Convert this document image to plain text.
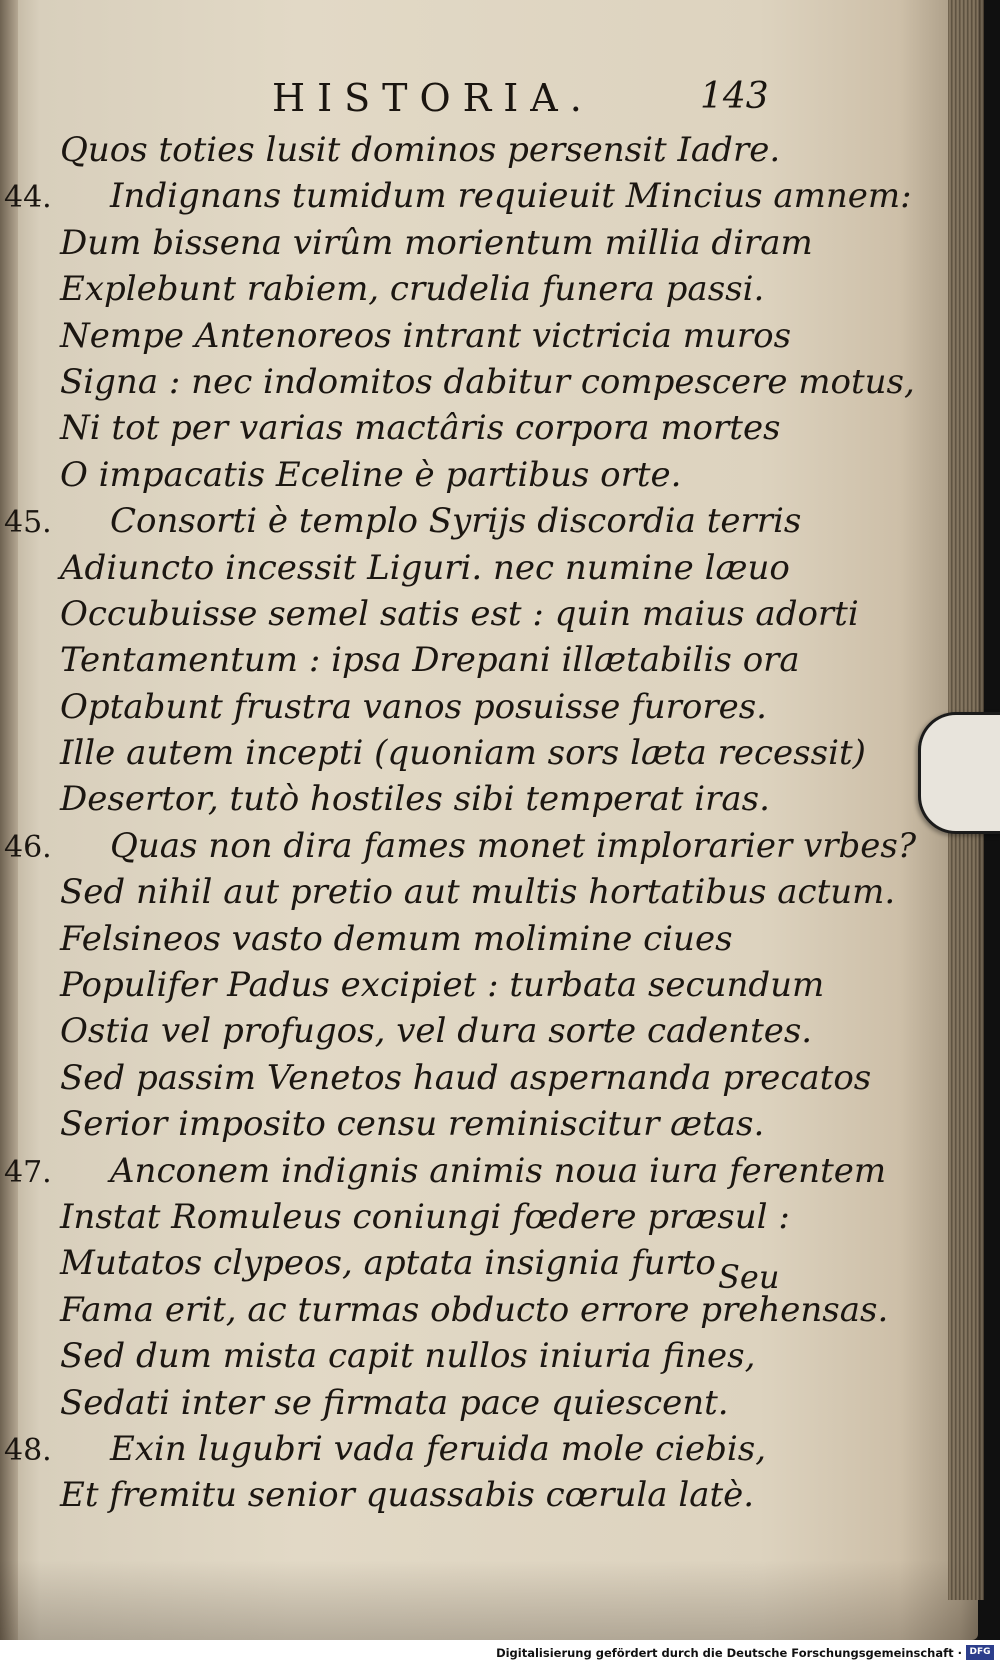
HISTORIA.	143
Quos toties lusit dominos persensit Iadre.
44. Indignans tumidum requieuit Mincius amnem:
Dum bissena virûm morientum millia diram
Explebunt rabiem, crudelia funera passi.
Nempe Antenoreos intrant victricia muros
Signa : nec indomitos dabitur compescere motus,
Ni tot per varias mactâris corpora mortes
O impacatis Eceline è partibus orte.
45. Consorti è templo Syrijs discordia terris
Adiuncto incessit Liguri. nec numine læuo
Occubuisse semel satis est : quin maius adorti
Tentamentum : ipsa Drepani illætabilis ora
Optabunt frustra vanos posuisse furores.
Ille autem incepti (quoniam sors læta recessit)
Desertor, tutò hostiles sibi temperat iras.
46. Quas non dira fames monet implorarier vrbes?
Sed nihil aut pretio aut multis hortatibus actum.
Felsineos vasto demum molimine ciues
Populifer Padus excipiet : turbata secundum
Ostia vel profugos, vel dura sorte cadentes.
Sed passim Venetos haud aspernanda precatos
Serior imposito censu reminiscitur ætas.
47. Anconem indignis animis noua iura ferentem
Instat Romuleus coniungi fœdere præsul :
Mutatos clypeos, aptata insignia furto
Fama erit, ac turmas obducto errore prehensas.
Sed dum mista capit nullos iniuria fines,
Sedati inter se firmata pace quiescent.
48. Exin lugubri vada feruida mole ciebis,
Et fremitu senior quassabis cœrula latè.
Seu
Digitalisierung gefördert durch die Deutsche Forschungsgemeinschaft · DFG
